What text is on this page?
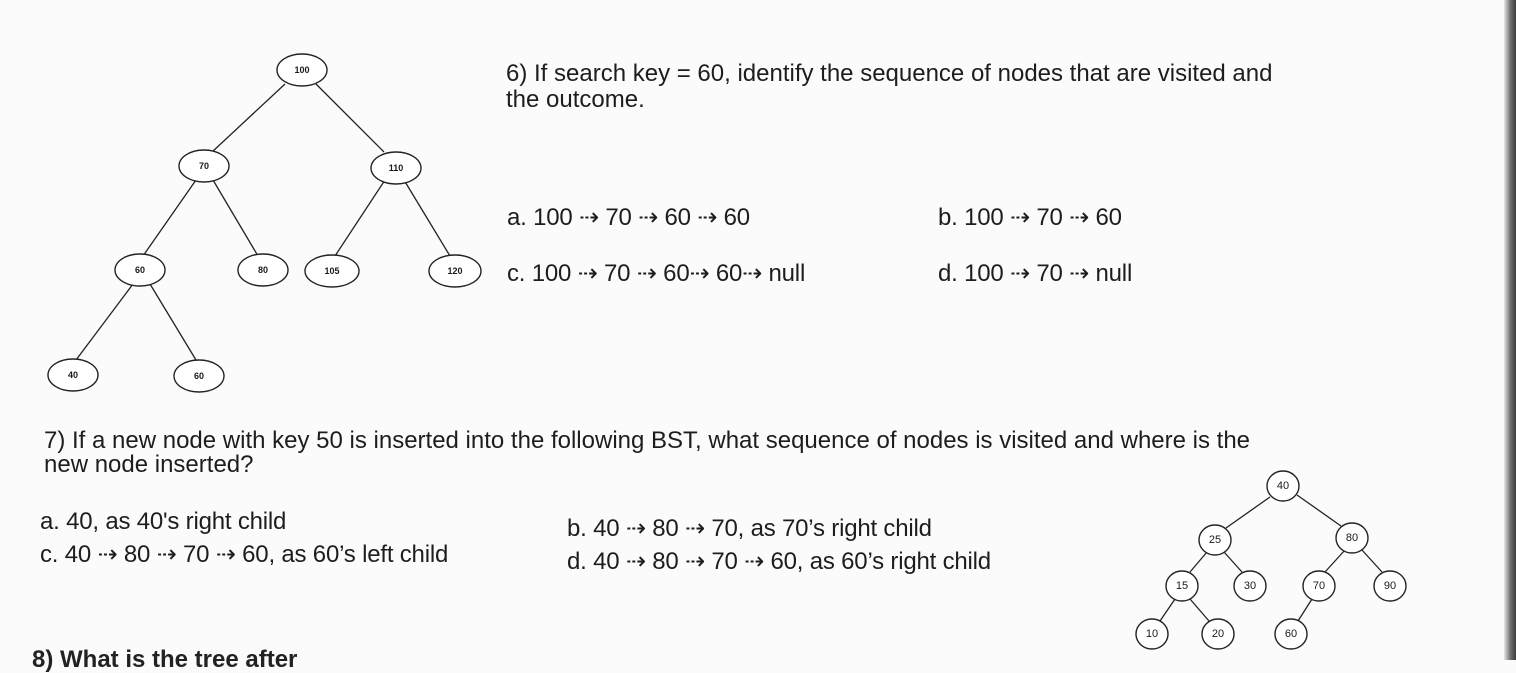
100
70	110
60	80	105	120
40	60
6) If search key = 60, identify the sequence of nodes that are visited and
the outcome.
a. 100 ⇢ 70 ⇢ 60 ⇢ 60	b. 100 ⇢ 70 ⇢ 60
c. 100 ⇢ 70 ⇢ 60⇢ 60⇢ null	d. 100 ⇢ 70 ⇢ null
7) If a new node with key 50 is inserted into the following BST, what sequence of nodes is visited and where is the
new node inserted?
a. 40, as 40's right child
c. 40 ⇢ 80 ⇢ 70 ⇢ 60, as 60’s left child
b. 40 ⇢ 80 ⇢ 70, as 70’s right child
d. 40 ⇢ 80 ⇢ 70 ⇢ 60, as 60’s right child
40
25	80
15	30	70	90
10	20	60
8) What is the tree after
